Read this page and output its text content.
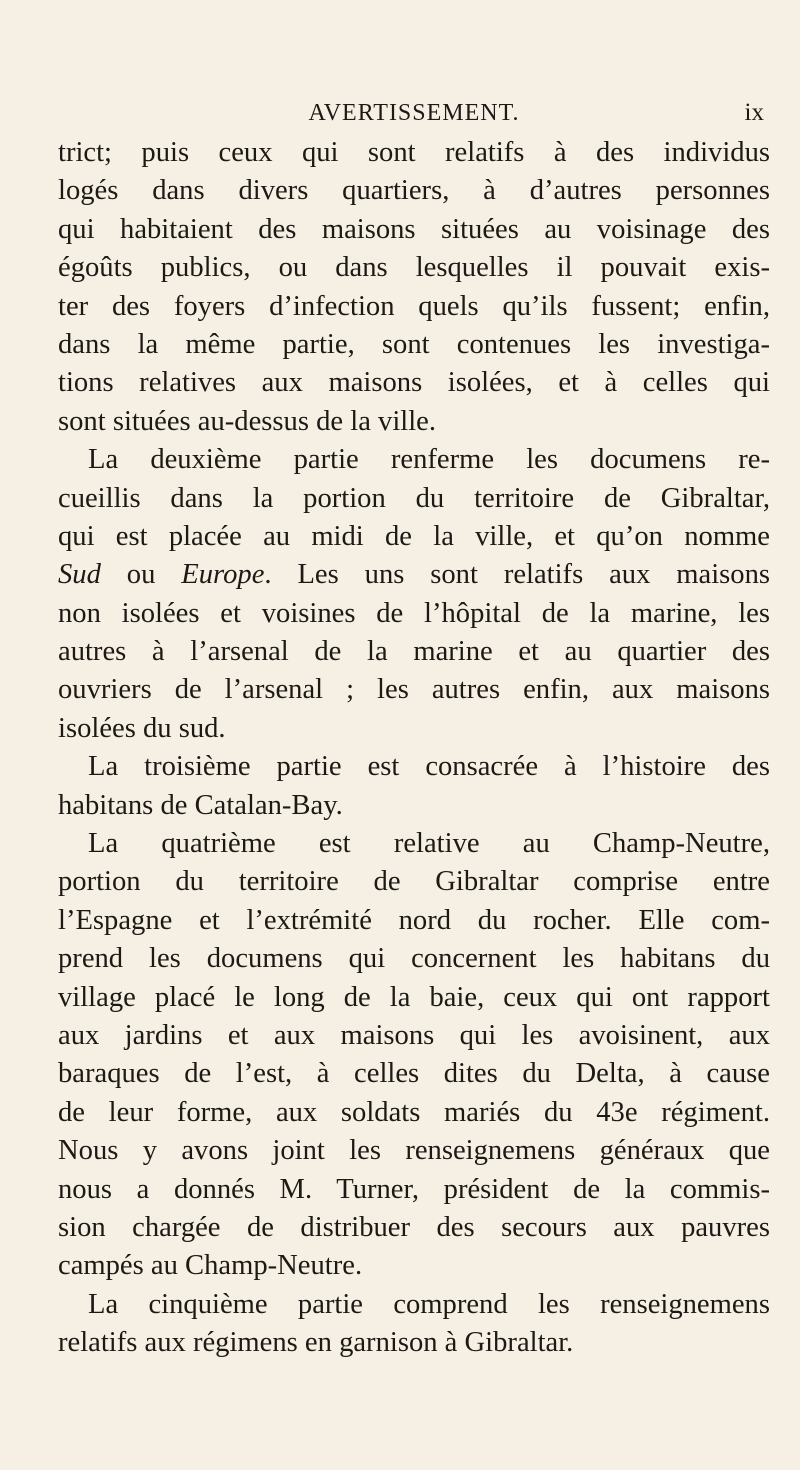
AVERTISSEMENT.	ix
trict; puis ceux qui sont relatifs à des individus
logés dans divers quartiers, à d’autres personnes
qui habitaient des maisons situées au voisinage des
égoûts publics, ou dans lesquelles il pouvait exis-
ter des foyers d’infection quels qu’ils fussent; enfin,
dans la même partie, sont contenues les investiga-
tions relatives aux maisons isolées, et à celles qui
sont situées au-dessus de la ville.
La deuxième partie renferme les documens re-
cueillis dans la portion du territoire de Gibraltar,
qui est placée au midi de la ville, et qu’on nomme
Sud ou Europe. Les uns sont relatifs aux maisons
non isolées et voisines de l’hôpital de la marine, les
autres à l’arsenal de la marine et au quartier des
ouvriers de l’arsenal ; les autres enfin, aux maisons
isolées du sud.
La troisième partie est consacrée à l’histoire des
habitans de Catalan-Bay.
La quatrième est relative au Champ-Neutre,
portion du territoire de Gibraltar comprise entre
l’Espagne et l’extrémité nord du rocher. Elle com-
prend les documens qui concernent les habitans du
village placé le long de la baie, ceux qui ont rapport
aux jardins et aux maisons qui les avoisinent, aux
baraques de l’est, à celles dites du Delta, à cause
de leur forme, aux soldats mariés du 43e régiment.
Nous y avons joint les renseignemens généraux que
nous a donnés M. Turner, président de la commis-
sion chargée de distribuer des secours aux pauvres
campés au Champ-Neutre.
La cinquième partie comprend les renseignemens
relatifs aux régimens en garnison à Gibraltar.
